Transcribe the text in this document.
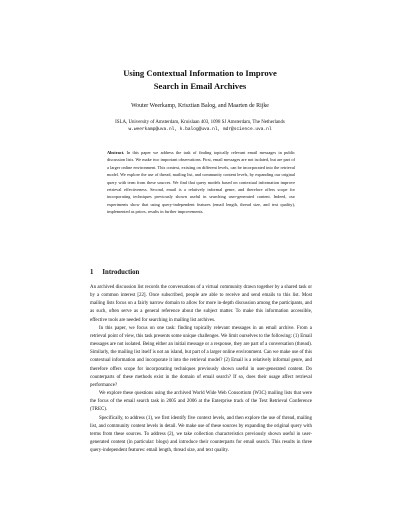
Using Contextual Information to Improve
Search in Email Archives
Wouter Weerkamp, Krisztian Balog, and Maarten de Rijke
ISLA, University of Amsterdam, Kruislaan 403, 1098 SJ Amsterdam, The Netherlands
w.weerkamp@uva.nl, k.balog@uva.nl, mdr@science.uva.nl
Abstract. In this paper we address the task of finding topically relevant email messages in public discussion lists. We make two important observations. First, email messages are not isolated, but are part of a larger online environment. This context, existing on different levels, can be incorporated into the retrieval model. We explore the use of thread, mailing list, and community content levels, by expanding our original query with term from these sources. We find that query models based on contextual information improve retrieval effectiveness. Second, email is a relatively informal genre, and therefore offers scope for incorporating techniques previously shown useful in searching user-generated content. Indeed, our experiments show that using query-independent features (email length, thread size, and text quality), implemented as priors, results in further improvements.
1 Introduction

An archived discussion list records the conversations of a virtual community drawn together by a shared task or by a common interest [22]. Once subscribed, people are able to receive and send emails to this list. Most mailing lists focus on a fairly narrow domain to allow for more in-depth discussion among the participants, and as such, often serve as a general reference about the subject matter. To make this information accessible, effective tools are needed for searching in mailing list archives.

In this paper, we focus on one task: finding topically relevant messages in an email archive. From a retrieval point of view, this task presents some unique challenges. We limit ourselves to the following: (1) Email messages are not isolated. Being either an initial message or a response, they are part of a conversation (thread). Similarly, the mailing list itself is not an island, but part of a larger online environment. Can we make use of this contextual information and incorporate it into the retrieval model? (2) Email is a relatively informal genre, and therefore offers scope for incorporating techniques previously shown useful in user-generated content. Do counterparts of these methods exist in the domain of email search? If so, does their usage affect retrieval performance?

We explore these questions using the archived World Wide Web Consortium (W3C) mailing lists that were the focus of the email search task in 2005 and 2006 at the Enterprise track of the Text Retrieval Conference (TREC).

Specifically, to address (1), we first identify five context levels, and then explore the use of thread, mailing list, and community content levels in detail. We make use of these sources by expanding the original query with terms from these sources. To address (2), we take collection characteristics previously shown useful in user-generated content (in particular: blogs) and introduce their counterparts for email search. This results in three query-independent features: email length, thread size, and text quality.
